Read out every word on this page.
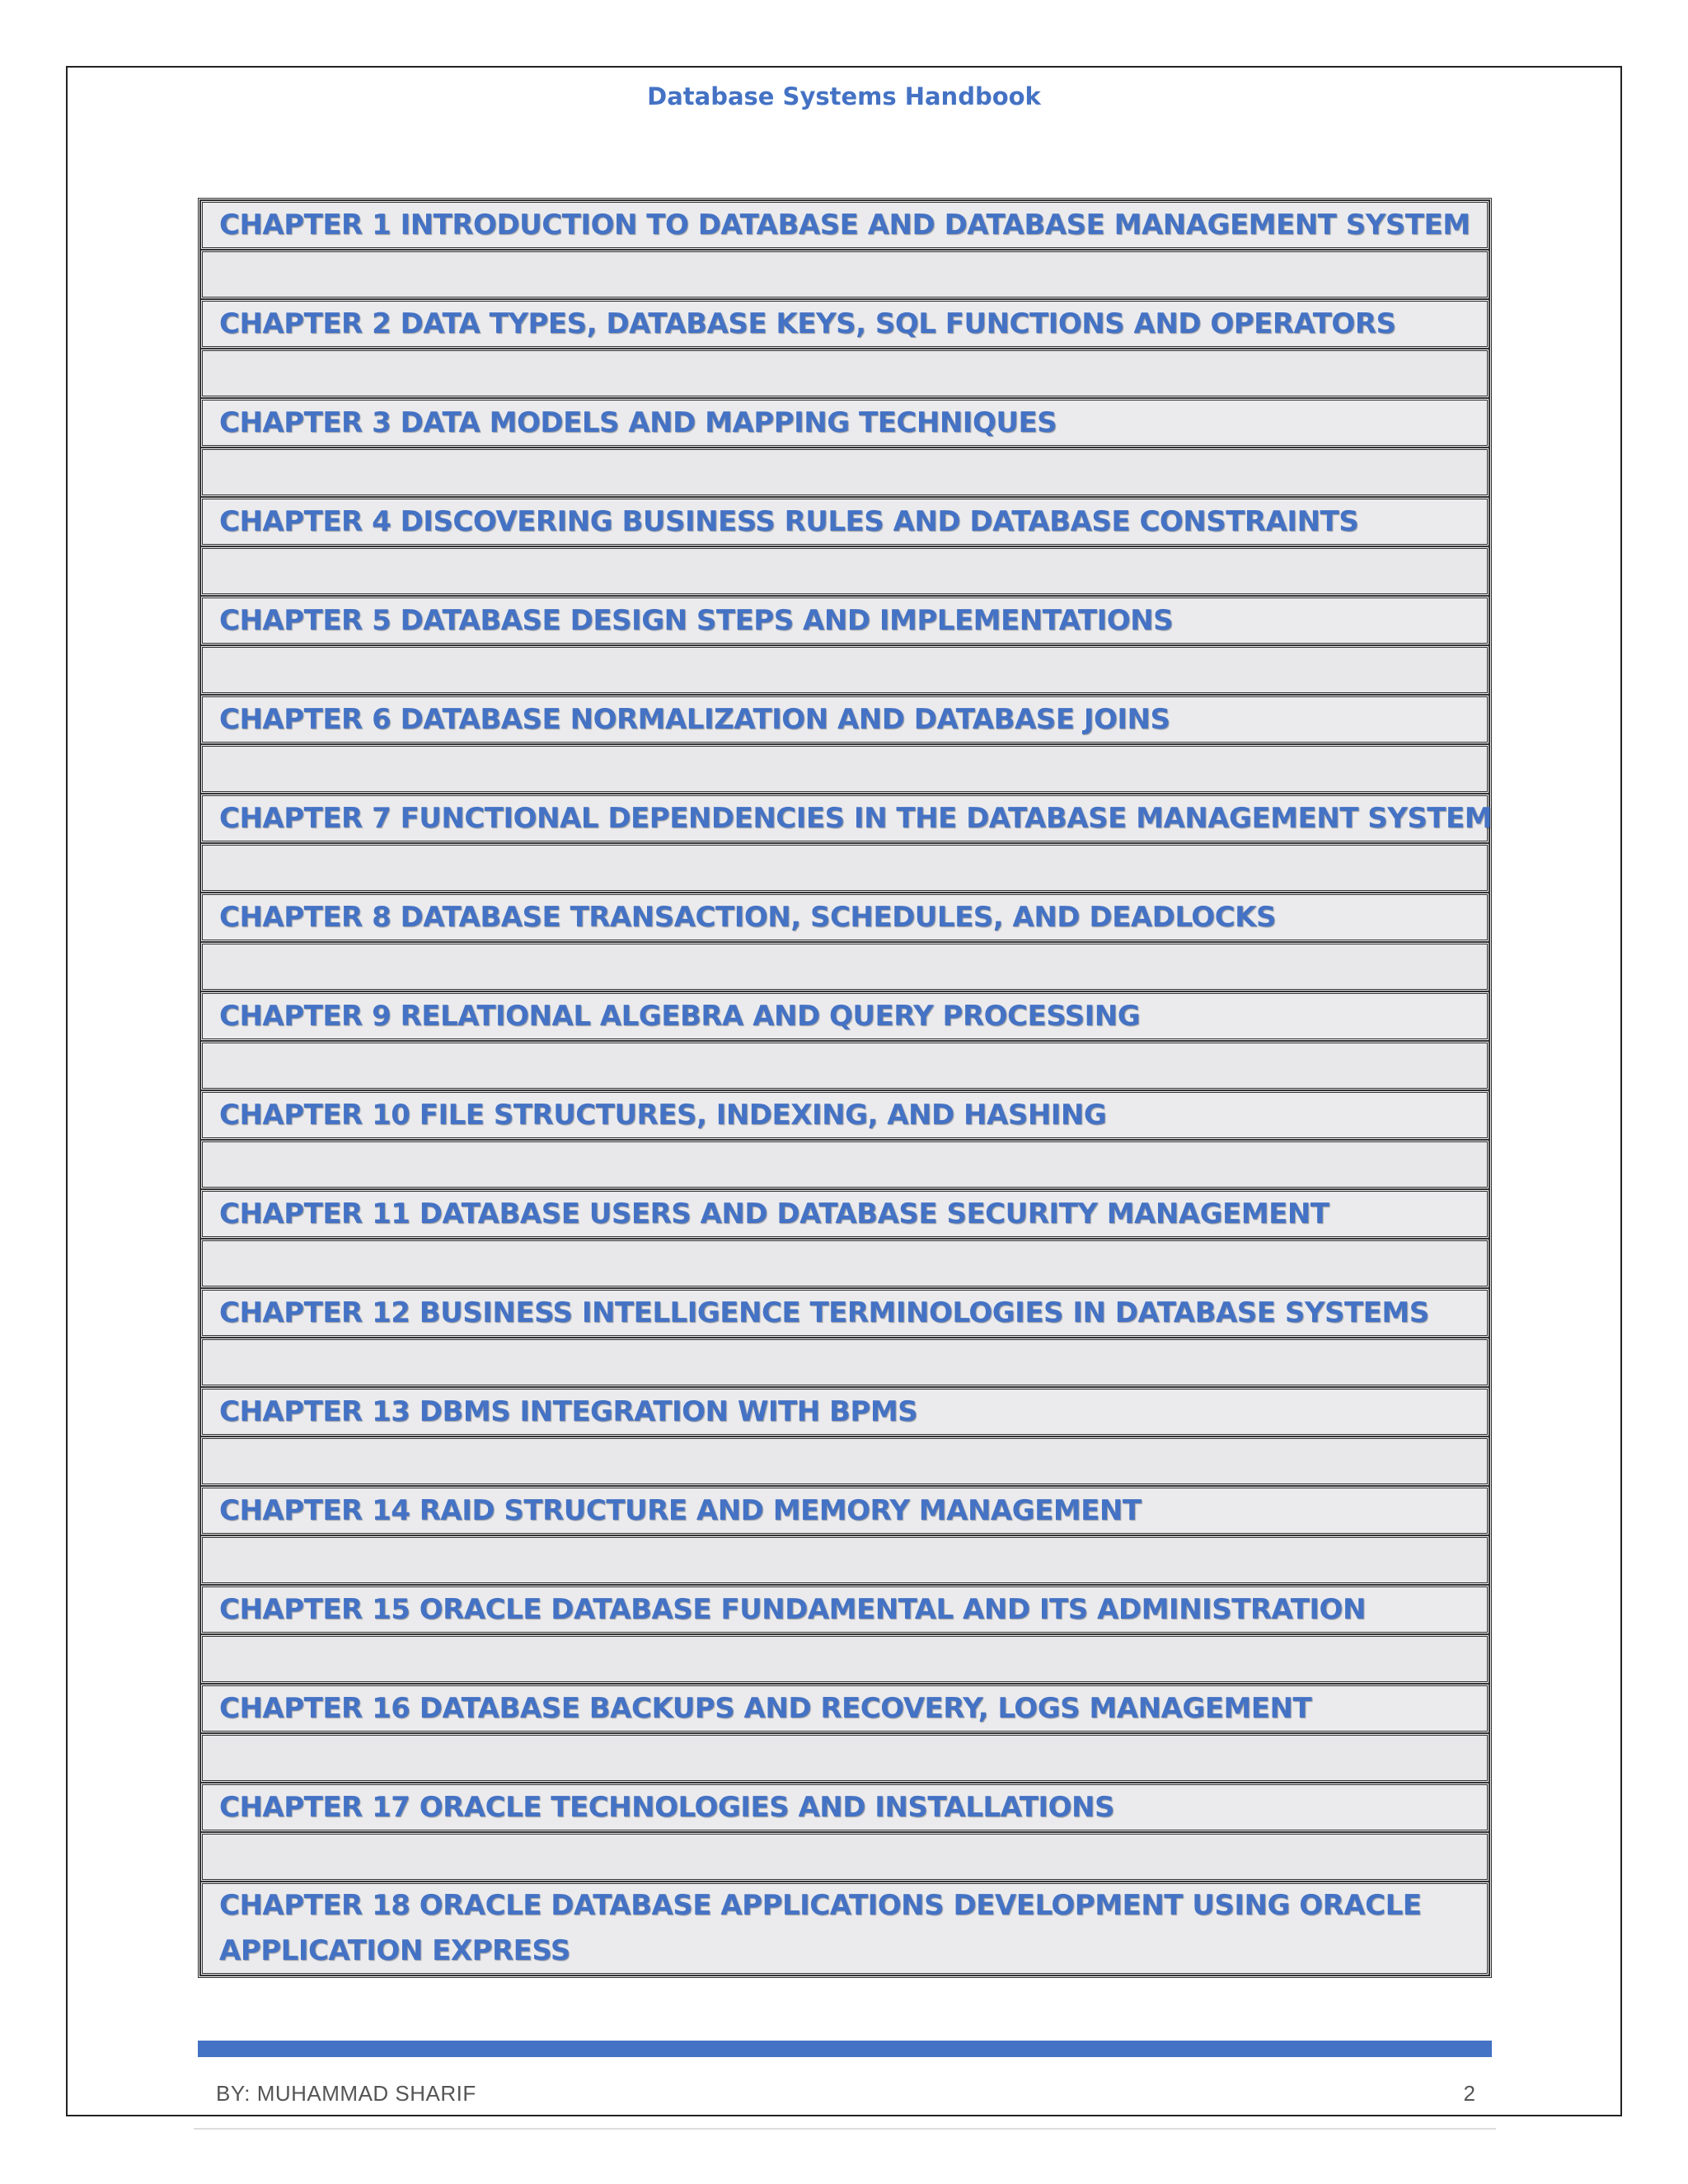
Database Systems Handbook
CHAPTER 1 INTRODUCTION TO DATABASE AND DATABASE MANAGEMENT SYSTEM
CHAPTER 2 DATA TYPES, DATABASE KEYS, SQL FUNCTIONS AND OPERATORS
CHAPTER 3 DATA MODELS AND MAPPING TECHNIQUES
CHAPTER 4 DISCOVERING BUSINESS RULES AND DATABASE CONSTRAINTS
CHAPTER 5 DATABASE DESIGN STEPS AND IMPLEMENTATIONS
CHAPTER 6 DATABASE NORMALIZATION AND DATABASE JOINS
CHAPTER 7 FUNCTIONAL DEPENDENCIES IN THE DATABASE MANAGEMENT SYSTEM
CHAPTER 8 DATABASE TRANSACTION, SCHEDULES, AND DEADLOCKS
CHAPTER 9 RELATIONAL ALGEBRA AND QUERY PROCESSING
CHAPTER 10 FILE STRUCTURES, INDEXING, AND HASHING
CHAPTER 11 DATABASE USERS AND DATABASE SECURITY MANAGEMENT
CHAPTER 12 BUSINESS INTELLIGENCE TERMINOLOGIES IN DATABASE SYSTEMS
CHAPTER 13 DBMS INTEGRATION WITH BPMS
CHAPTER 14 RAID STRUCTURE AND MEMORY MANAGEMENT
CHAPTER 15 ORACLE DATABASE FUNDAMENTAL AND ITS ADMINISTRATION
CHAPTER 16 DATABASE BACKUPS AND RECOVERY, LOGS MANAGEMENT
CHAPTER 17 ORACLE TECHNOLOGIES AND INSTALLATIONS
CHAPTER 18 ORACLE DATABASE APPLICATIONS DEVELOPMENT USING ORACLE APPLICATION EXPRESS
BY: MUHAMMAD SHARIF	2
